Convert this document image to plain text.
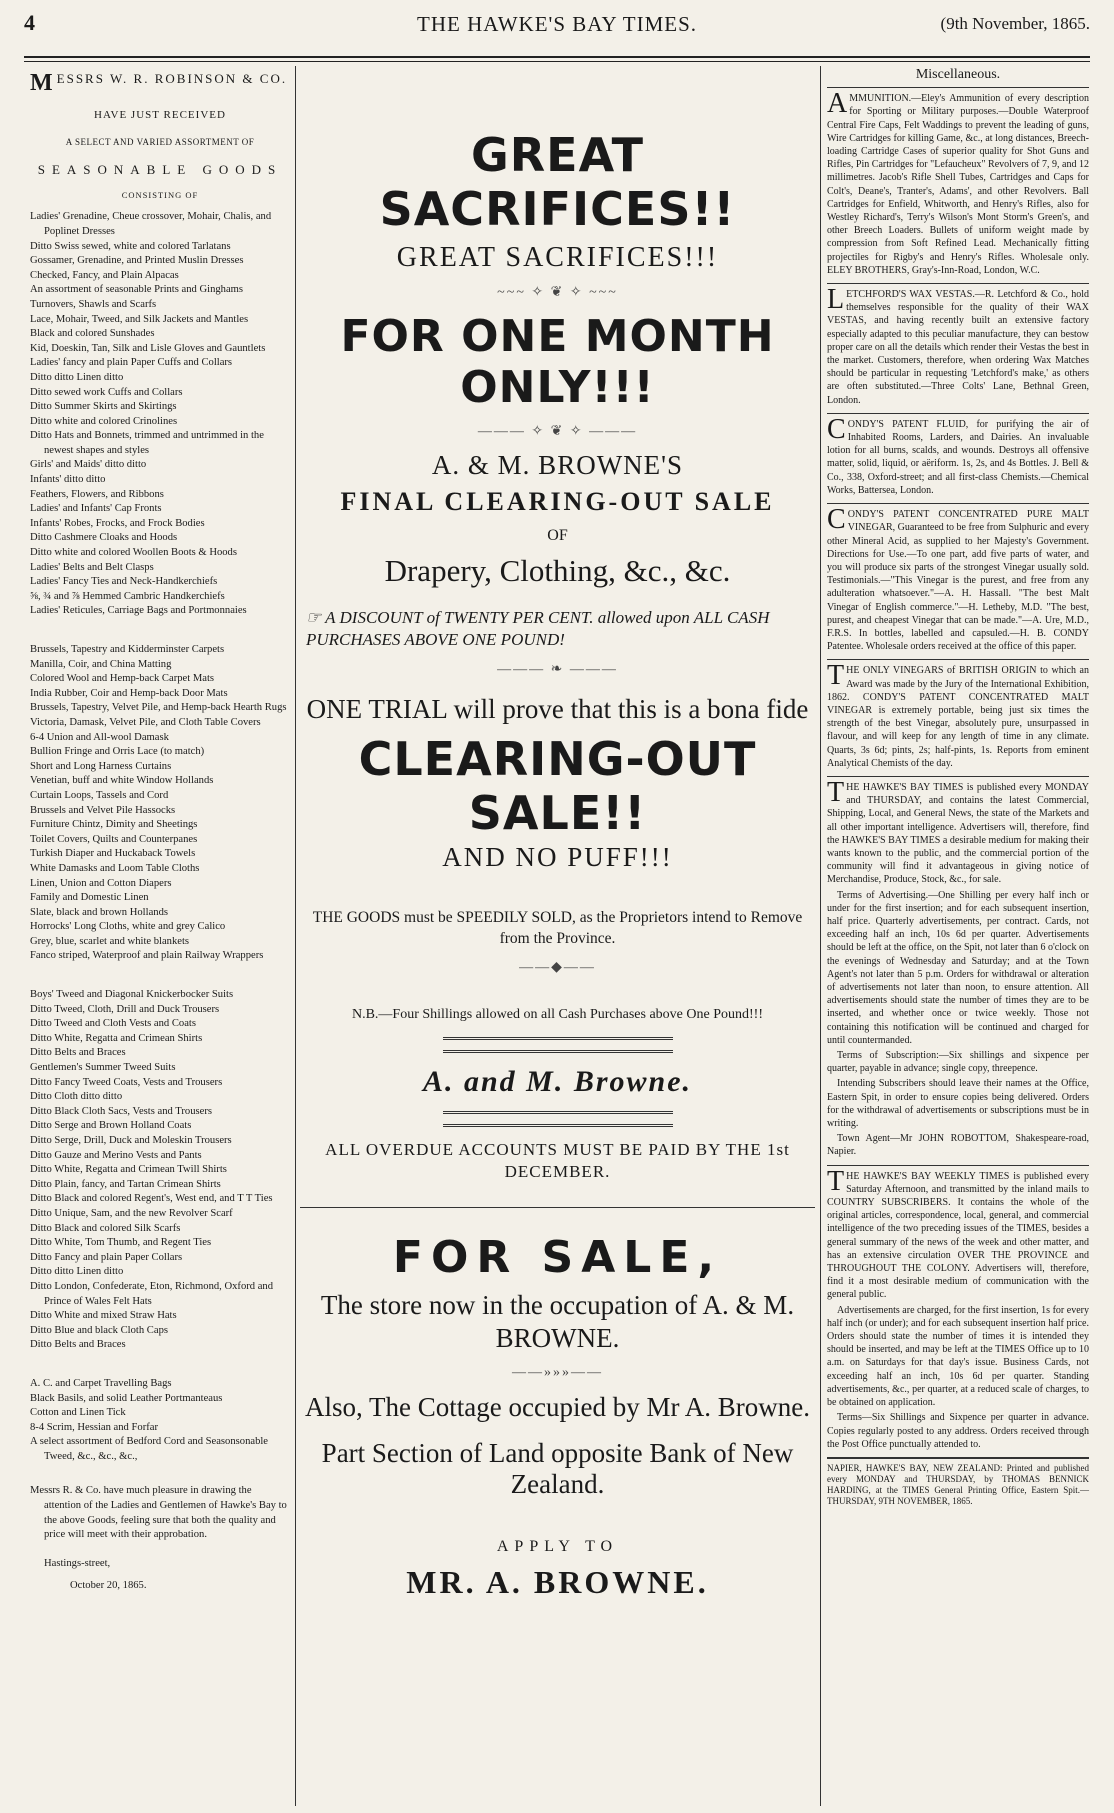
4	THE HAWKE'S BAY TIMES.	(9th November, 1865.
MESSRS W. R. ROBINSON & CO.
HAVE JUST RECEIVED
A SELECT AND VARIED ASSORTMENT OF
SEASONABLE GOODS
CONSISTING OF
Ladies' Grenadine, Cheue crossover, Mohair, Chalis, and Poplinet Dresses
Ditto Swiss sewed, white and colored Tarlatans
Gossamer, Grenadine, and Printed Muslin Dresses
Checked, Fancy, and Plain Alpacas
An assortment of seasonable Prints and Ginghams
Turnovers, Shawls and Scarfs
Lace, Mohair, Tweed, and Silk Jackets and Mantles
Black and colored Sunshades
Kid, Doeskin, Tan, Silk and Lisle Gloves and Gauntlets
Ladies' fancy and plain Paper Cuffs and Collars
Ditto ditto Linen ditto
Ditto sewed work Cuffs and Collars
Ditto Summer Skirts and Skirtings
Ditto white and colored Crinolines
Ditto Hats and Bonnets, trimmed and untrimmed in the newest shapes and styles
Girls' and Maids' ditto ditto
Infants' ditto ditto
Feathers, Flowers, and Ribbons
Ladies' and Infants' Cap Fronts
Infants' Robes, Frocks, and Frock Bodies
Ditto Cashmere Cloaks and Hoods
Ditto white and colored Woollen Boots & Hoods
Ladies' Belts and Belt Clasps
Ladies' Fancy Ties and Neck-Handkerchiefs
⅝, ¾ and ⅞ Hemmed Cambric Handkerchiefs
Ladies' Reticules, Carriage Bags and Portmonnaies
Brussels, Tapestry and Kidderminster Carpets
Manilla, Coir, and China Matting
Colored Wool and Hemp-back Carpet Mats
India Rubber, Coir and Hemp-back Door Mats
Brussels, Tapestry, Velvet Pile, and Hemp-back Hearth Rugs
Victoria, Damask, Velvet Pile, and Cloth Table Covers
6-4 Union and All-wool Damask
Bullion Fringe and Orris Lace (to match)
Short and Long Harness Curtains
Venetian, buff and white Window Hollands
Curtain Loops, Tassels and Cord
Brussels and Velvet Pile Hassocks
Furniture Chintz, Dimity and Sheetings
Toilet Covers, Quilts and Counterpanes
Turkish Diaper and Huckaback Towels
White Damasks and Loom Table Cloths
Linen, Union and Cotton Diapers
Family and Domestic Linen
Slate, black and brown Hollands
Horrocks' Long Cloths, white and grey Calico
Grey, blue, scarlet and white blankets
Fanco striped, Waterproof and plain Railway Wrappers
Boys' Tweed and Diagonal Knickerbocker Suits
Ditto Tweed, Cloth, Drill and Duck Trousers
Ditto Tweed and Cloth Vests and Coats
Ditto White, Regatta and Crimean Shirts
Ditto Belts and Braces
Gentlemen's Summer Tweed Suits
Ditto Fancy Tweed Coats, Vests and Trousers
Ditto Cloth ditto ditto
Ditto Black Cloth Sacs, Vests and Trousers
Ditto Serge and Brown Holland Coats
Ditto Serge, Drill, Duck and Moleskin Trousers
Ditto Gauze and Merino Vests and Pants
Ditto White, Regatta and Crimean Twill Shirts
Ditto Plain, fancy, and Tartan Crimean Shirts
Ditto Black and colored Regent's, West end, and T T Ties
Ditto Unique, Sam, and the new Revolver Scarf
Ditto Black and colored Silk Scarfs
Ditto White, Tom Thumb, and Regent Ties
Ditto Fancy and plain Paper Collars
Ditto ditto Linen ditto
Ditto London, Confederate, Eton, Richmond, Oxford and Prince of Wales Felt Hats
Ditto White and mixed Straw Hats
Ditto Blue and black Cloth Caps
Ditto Belts and Braces
A. C. and Carpet Travelling Bags
Black Basils, and solid Leather Portmanteaus
Cotton and Linen Tick
8-4 Scrim, Hessian and Forfar
A select assortment of Bedford Cord and Seasonsonable Tweed, &c., &c., &c.,
Messrs R. & Co. have much pleasure in drawing the attention of the Ladies and Gentlemen of Hawke's Bay to the above Goods, feeling sure that both the quality and price will meet with their approbation.
Hastings-street,
October 20, 1865.
GREAT SACRIFICES!!
GREAT SACRIFICES!!!
~~~ ✧ ❦ ✧ ~~~
FOR ONE MONTH ONLY!!!
——— ✧ ❦ ✧ ———
A. & M. BROWNE'S
FINAL CLEARING-OUT SALE
OF
Drapery, Clothing, &c., &c.
☞ A DISCOUNT of TWENTY PER CENT. allowed upon ALL CASH PURCHASES ABOVE ONE POUND!
——— ❧ ———
ONE TRIAL will prove that this is a bona fide
CLEARING-OUT SALE!!
AND NO PUFF!!!
THE GOODS must be SPEEDILY SOLD, as the Proprietors intend to Remove from the Province.
——◆——
N.B.—Four Shillings allowed on all Cash Purchases above One Pound!!!
A. and M. Browne.
ALL OVERDUE ACCOUNTS MUST BE PAID BY THE 1st DECEMBER.
FOR SALE,
The store now in the occupation of A. & M. BROWNE.
——»»»——
Also, The Cottage occupied by Mr A. Browne.
Part Section of Land opposite Bank of New Zealand.
APPLY TO
MR. A. BROWNE.
Miscellaneous.

AMMUNITION.—Eley's Ammunition of every description for Sporting or Military purposes.—Double Waterproof Central Fire Caps, Felt Waddings to prevent the leading of guns, Wire Cartridges for killing Game, &c., at long distances, Breech-loading Cartridge Cases of superior quality for Shot Guns and Rifles, Pin Cartridges for "Lefaucheux" Revolvers of 7, 9, and 12 millimetres. Jacob's Rifle Shell Tubes, Cartridges and Caps for Colt's, Deane's, Tranter's, Adams', and other Revolvers. Ball Cartridges for Enfield, Whitworth, and Henry's Rifles, also for Westley Richard's, Terry's Wilson's Mont Storm's Green's, and other Breech Loaders. Bullets of uniform weight made by compression from Soft Refined Lead. Mechanically fitting projectiles for Rigby's and Henry's Rifles. Wholesale only. ELEY BROTHERS, Gray's-Inn-Road, London, W.C.

LETCHFORD'S WAX VESTAS.—R. Letchford & Co., hold themselves responsible for the quality of their WAX VESTAS, and having recently built an extensive factory especially adapted to this peculiar manufacture, they can bestow proper care on all the details which render their Vestas the best in the market. Customers, therefore, when ordering Wax Matches should be particular in requesting 'Letchford's make,' as others are often substituted.—Three Colts' Lane, Bethnal Green, London.

CONDY'S PATENT FLUID, for purifying the air of Inhabited Rooms, Larders, and Dairies. An invaluable lotion for all burns, scalds, and wounds. Destroys all offensive matter, solid, liquid, or aëriform. 1s, 2s, and 4s Bottles. J. Bell & Co., 338, Oxford-street; and all first-class Chemists.—Chemical Works, Battersea, London.

CONDY'S PATENT CONCENTRATED PURE MALT VINEGAR, Guaranteed to be free from Sulphuric and every other Mineral Acid, as supplied to her Majesty's Government. Directions for Use.—To one part, add five parts of water, and you will produce six parts of the strongest Vinegar usually sold. Testimonials.—"This Vinegar is the purest, and free from any adulteration whatsoever."—A. H. Hassall. "The best Malt Vinegar of English commerce."—H. Letheby, M.D. "The best, purest, and cheapest Vinegar that can be made."—A. Ure, M.D., F.R.S. In bottles, labelled and capsuled.—H. B. CONDY Patentee. Wholesale orders received at the office of this paper.

THE ONLY VINEGARS of BRITISH ORIGIN to which an Award was made by the Jury of the International Exhibition, 1862. CONDY'S PATENT CONCENTRATED MALT VINEGAR is extremely portable, being just six times the strength of the best Vinegar, absolutely pure, unsurpassed in flavour, and will keep for any length of time in any climate. Quarts, 3s 6d; pints, 2s; half-pints, 1s. Reports from eminent Analytical Chemists of the day.

THE HAWKE'S BAY TIMES is published every MONDAY and THURSDAY, and contains the latest Commercial, Shipping, Local, and General News, the state of the Markets and all other important intelligence. Advertisers will, therefore, find the HAWKE'S BAY TIMES a desirable medium for making their wants known to the public, and the commercial portion of the community will find it advantageous in giving notice of Merchandise, Produce, Stock, &c., for sale.

Terms of Advertising.—One Shilling per every half inch or under for the first insertion; and for each subsequent insertion, half price. Quarterly advertisements, per contract. Cards, not exceeding half an inch, 10s 6d per quarter. Advertisements should be left at the office, on the Spit, not later than 6 o'clock on the evenings of Wednesday and Saturday; and at the Town Agent's not later than 5 p.m. Orders for withdrawal or alteration of advertisements not later than noon, to ensure attention. All advertisements should state the number of times they are to be inserted, and whether once or twice weekly. Those not containing this notification will be continued and charged for until countermanded.

Terms of Subscription:—Six shillings and sixpence per quarter, payable in advance; single copy, threepence.

Intending Subscribers should leave their names at the Office, Eastern Spit, in order to ensure copies being delivered. Orders for the withdrawal of advertisements or subscriptions must be in writing.

Town Agent—Mr JOHN ROBOTTOM, Shakespeare-road, Napier.

THE HAWKE'S BAY WEEKLY TIMES is published every Saturday Afternoon, and transmitted by the inland mails to COUNTRY SUBSCRIBERS. It contains the whole of the original articles, correspondence, local, general, and commercial intelligence of the two preceding issues of the TIMES, besides a general summary of the news of the week and other matter, and has an extensive circulation OVER THE PROVINCE and THROUGHOUT THE COLONY. Advertisers will, therefore, find it a most desirable medium of communication with the general public.

Advertisements are charged, for the first insertion, 1s for every half inch (or under); and for each subsequent insertion half price. Orders should state the number of times it is intended they should be inserted, and may be left at the TIMES Office up to 10 a.m. on Saturdays for that day's issue. Business Cards, not exceeding half an inch, 10s 6d per quarter. Standing advertisements, &c., per quarter, at a reduced scale of charges, to be obtained on application.

Terms—Six Shillings and Sixpence per quarter in advance. Copies regularly posted to any address. Orders received through the Post Office punctually attended to.

NAPIER, HAWKE'S BAY, NEW ZEALAND: Printed and published every MONDAY and THURSDAY, by THOMAS BENNICK HARDING, at the TIMES General Printing Office, Eastern Spit.—THURSDAY, 9TH NOVEMBER, 1865.
